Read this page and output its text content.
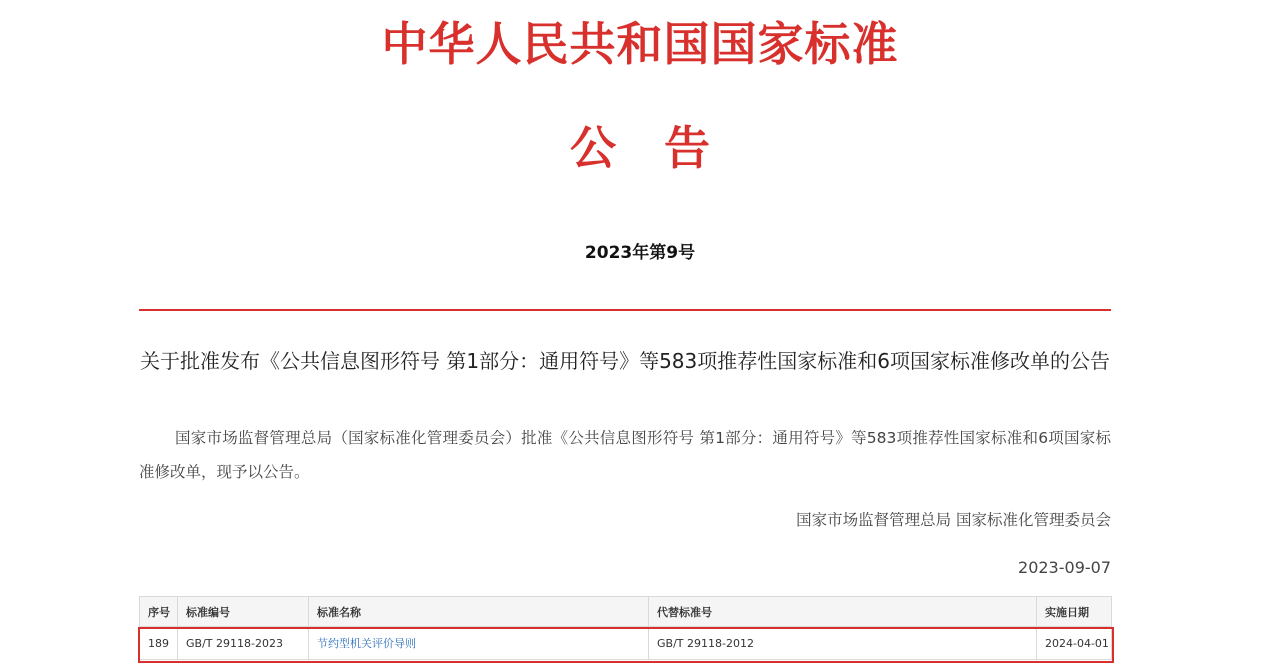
中华人民共和国国家标准
公 告
2023年第9号
关于批准发布《公共信息图形符号 第1部分：通用符号》等583项推荐性国家标准和6项国家标准修改单的公告
国家市场监督管理总局（国家标准化管理委员会）批准《公共信息图形符号 第1部分：通用符号》等583项推荐性国家标准和6项国家标准修改单，现予以公告。
国家市场监督管理总局 国家标准化管理委员会
2023-09-07
序号	标准编号	标准名称	代替标准号	实施日期
189	GB/T 29118-2023	节约型机关评价导则	GB/T 29118-2012	2024-04-01
